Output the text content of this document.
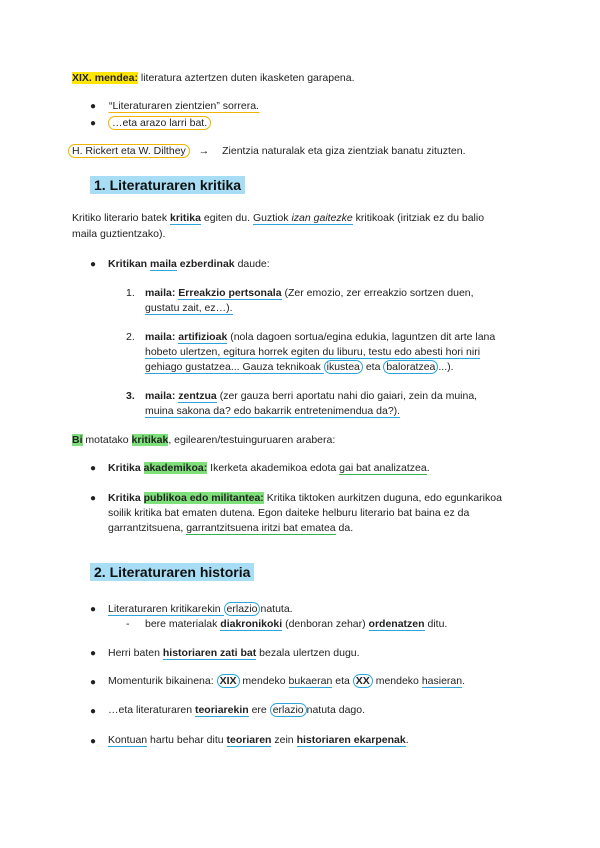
XIX. mendea: literatura aztertzen duten ikasketen garapena.
● “Literaturaren zientzien” sorrera.
●	…eta arazo larri bat.
H. Rickert eta W. Dilthey → Zientzia naturalak eta giza zientziak banatu zituzten.
1. Literaturaren kritika
Kritiko literario batek kritika egiten du. Guztiok izan gaitezke kritikoak (iritziak ez du balio
maila guztientzako).
● Kritikan maila ezberdinak daude:
1. maila: Erreakzio pertsonala (Zer emozio, zer erreakzio sortzen duen,
gustatu zait, ez…).
2. maila: artifizioak (nola dagoen sortua/egina edukia, laguntzen dit arte lana
hobeto ulertzen, egitura horrek egiten du liburu, testu edo abesti hori niri
gehiago gustatzea... Gauza teknikoak ikustea eta baloratzea ...).
3. maila: zentzua (zer gauza berri aportatu nahi dio gaiari, zein da muina,
muina sakona da? edo bakarrik entretenimendua da?).
Bi motatako kritikak, egilearen/testuinguruaren arabera:
● Kritika akademikoa: Ikerketa akademikoa edota gai bat analizatzea.
● Kritika publikoa edo militantea: Kritika tiktoken aurkitzen duguna, edo egunkarikoa
soilik kritika bat ematen dutena. Egon daiteke helburu literario bat baina ez da
garrantzitsuena, garrantzitsuena iritzi bat ematea da.
2. Literaturaren historia
● Literaturaren kritikarekin erlazio natuta.
- bere materialak diakronikoki (denboran zehar) ordenatzen ditu.
● Herri baten historiaren zati bat bezala ulertzen dugu.
● Momenturik bikainena: XIX mendeko bukaeran eta XX mendeko hasieran.
● …eta literaturaren teoriarekin ere erlazio natuta dago.
● Kontuan hartu behar ditu teoriaren zein historiaren ekarpenak.
